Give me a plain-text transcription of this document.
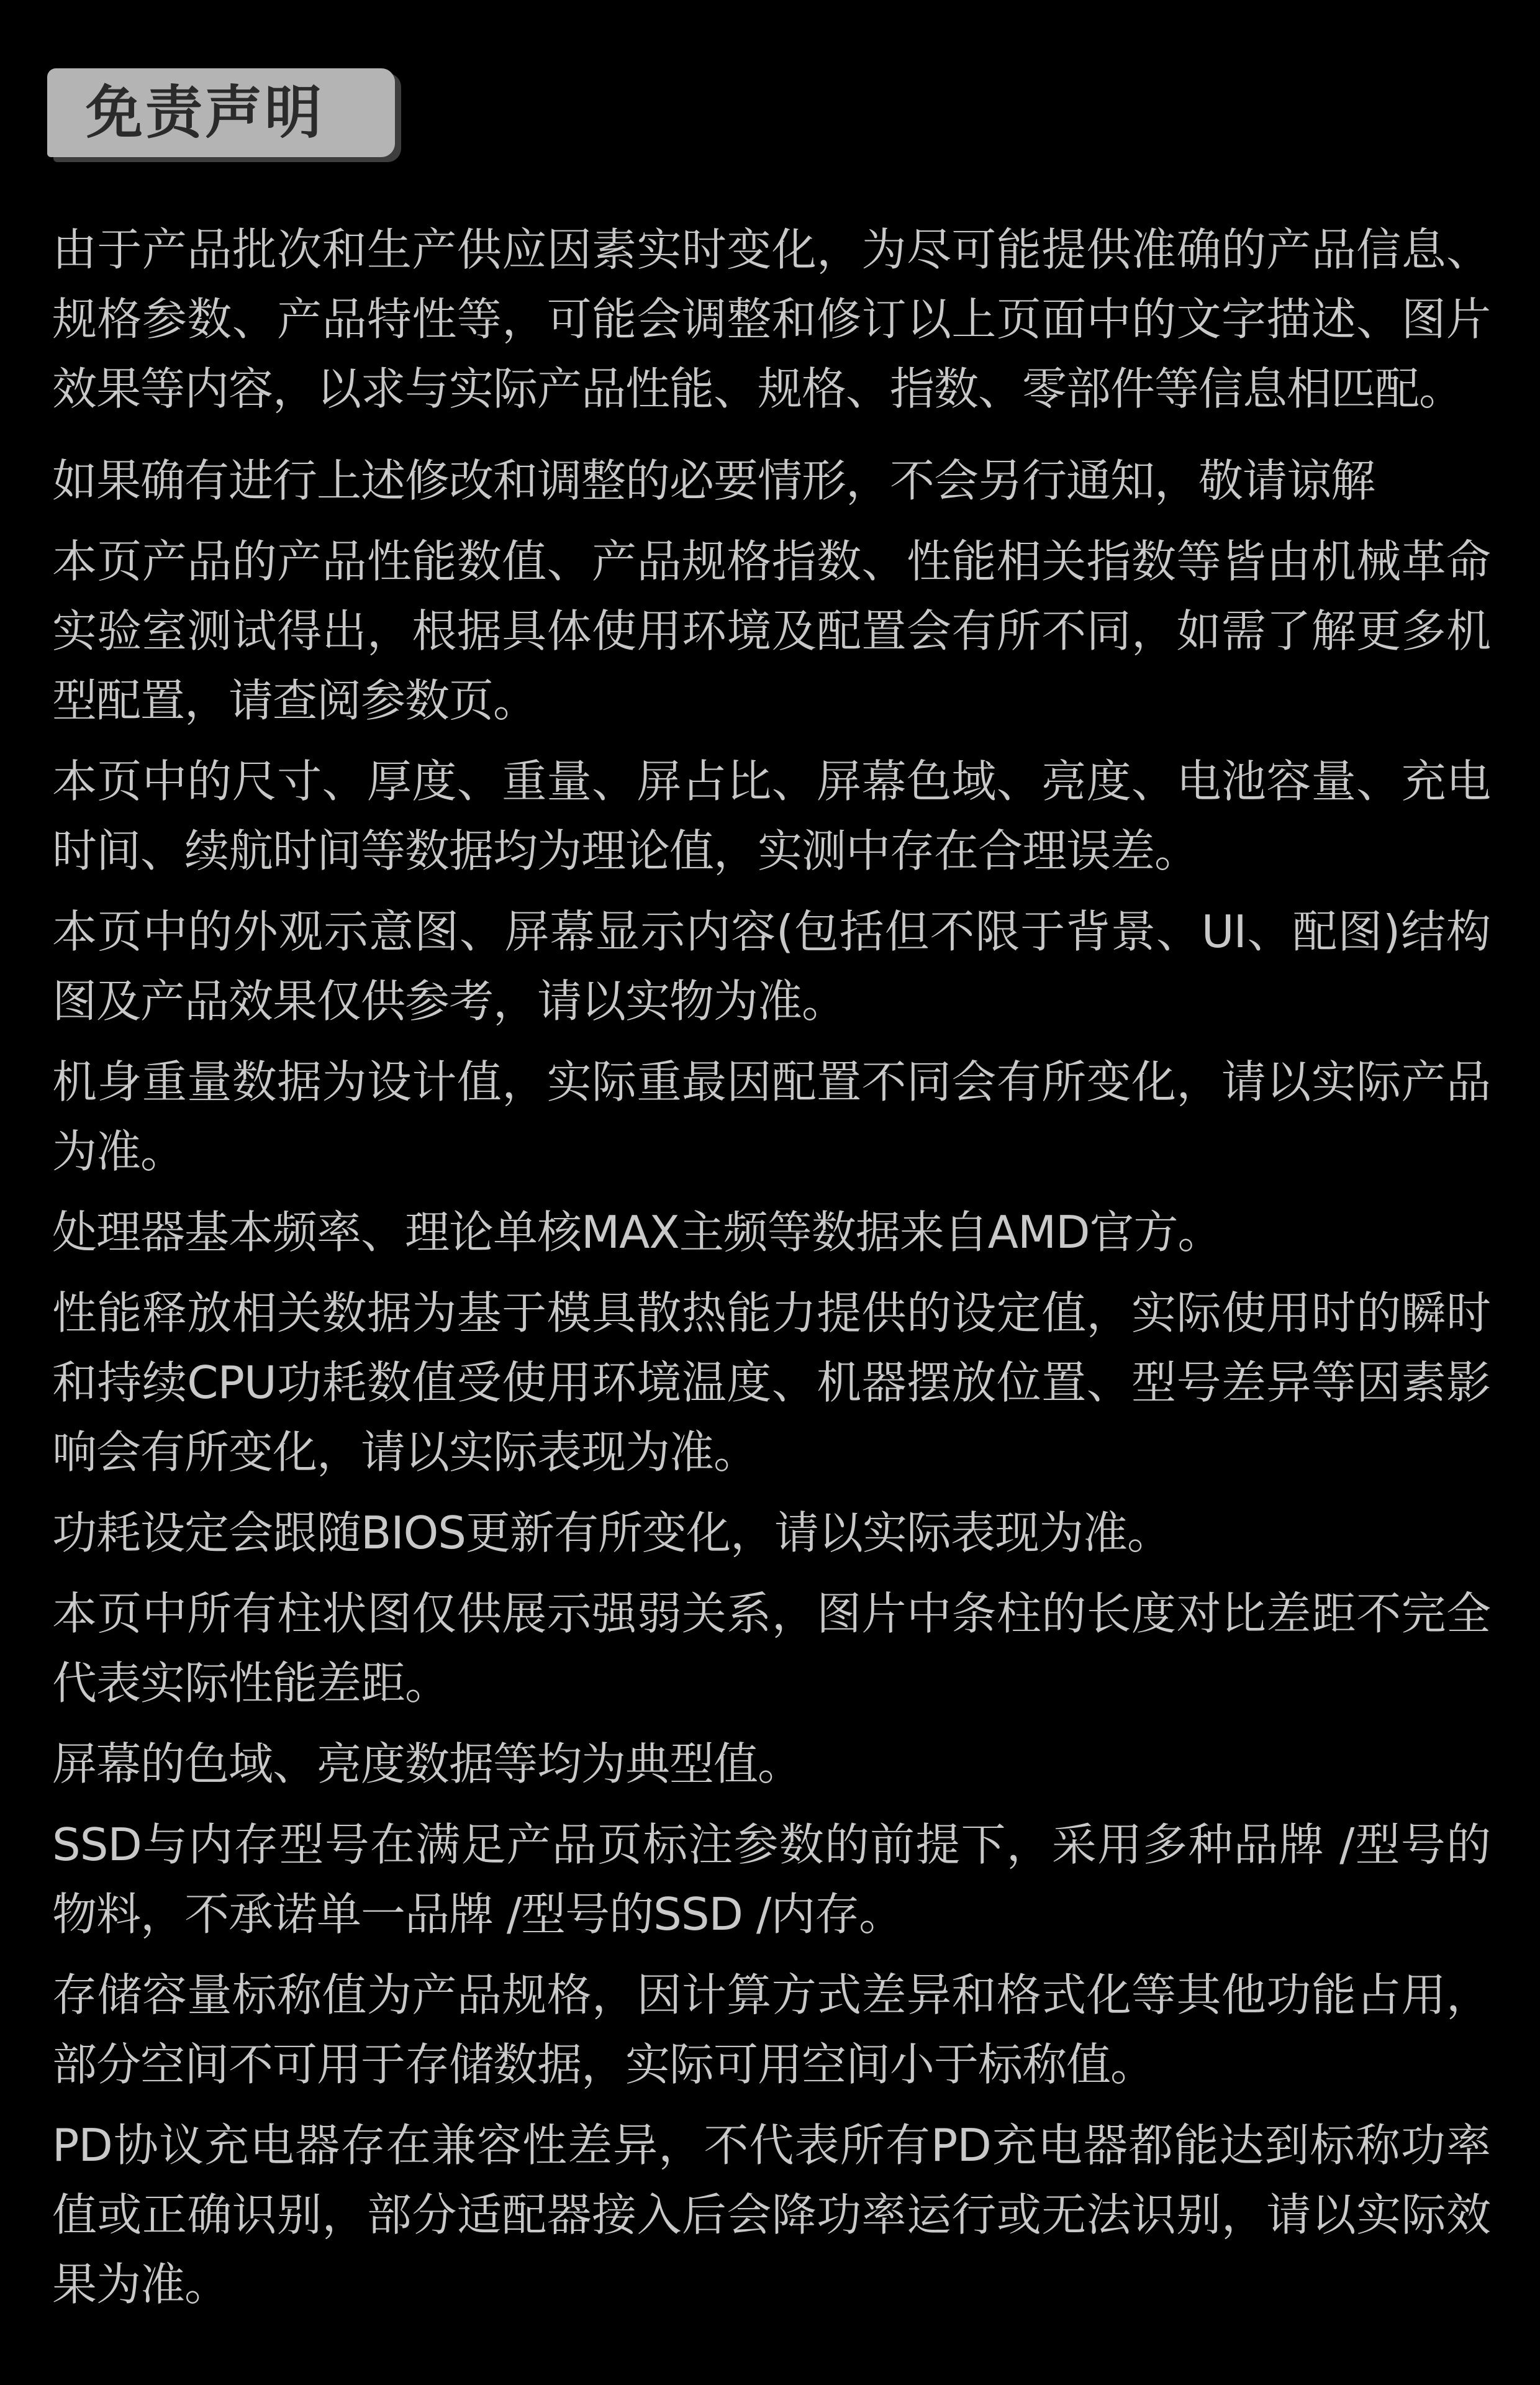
免责声明

由于产品批次和生产供应因素实时变化，为尽可能提供准确的产品信息、规格参数、产品特性等，可能会调整和修订以上页面中的文字描述、图片效果等内容，以求与实际产品性能、规格、指数、零部件等信息相匹配。

如果确有进行上述修改和调整的必要情形，不会另行通知，敬请谅解

本页产品的产品性能数值、产品规格指数、性能相关指数等皆由机械革命实验室测试得出，根据具体使用环境及配置会有所不同，如需了解更多机型配置，请查阅参数页。

本页中的尺寸、厚度、重量、屏占比、屏幕色域、亮度、电池容量、充电时间、续航时间等数据均为理论值，实测中存在合理误差。

本页中的外观示意图、屏幕显示内容(包括但不限于背景、UI、配图)结构图及产品效果仅供参考，请以实物为准。

机身重量数据为设计值，实际重最因配置不同会有所变化，请以实际产品为准。

处理器基本频率、理论单核MAX主频等数据来自AMD官方。

性能释放相关数据为基于模具散热能力提供的设定值，实际使用时的瞬时和持续CPU功耗数值受使用环境温度、机器摆放位置、型号差异等因素影响会有所变化，请以实际表现为准。

功耗设定会跟随BIOS更新有所变化，请以实际表现为准。

本页中所有柱状图仅供展示强弱关系，图片中条柱的长度对比差距不完全代表实际性能差距。

屏幕的色域、亮度数据等均为典型值。

SSD与内存型号在满足产品页标注参数的前提下，采用多种品牌 /型号的物料，不承诺单一品牌 /型号的SSD /内存。

存储容量标称值为产品规格，因计算方式差异和格式化等其他功能占用，部分空间不可用于存储数据，实际可用空间小于标称值。

PD协议充电器存在兼容性差异，不代表所有PD充电器都能达到标称功率值或正确识别，部分适配器接入后会降功率运行或无法识别，请以实际效果为准。
